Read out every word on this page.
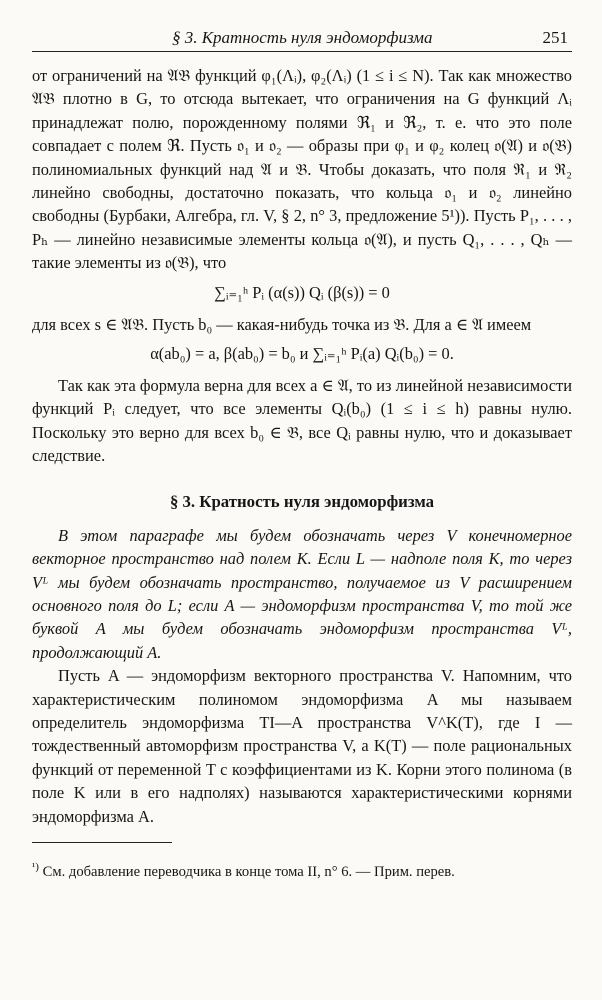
§ 3. Кратность нуля эндоморфизма	251

от ограничений на 𝔄𝔅 функций φ₁(Λᵢ), φ₂(Λᵢ) (1 ≤ i ≤ N). Так как множество 𝔄𝔅 плотно в G, то отсюда вытекает, что ограничения на G функций Λᵢ принадлежат полю, порожденному полями ℜ₁ и ℜ₂, т. е. что это поле совпадает с полем ℜ. Пусть 𝔬₁ и 𝔬₂ — образы при φ₁ и φ₂ колец 𝔬(𝔄) и 𝔬(𝔅) полиномиальных функций над 𝔄 и 𝔅. Чтобы доказать, что поля ℜ₁ и ℜ₂ линейно свободны, достаточно показать, что кольца 𝔬₁ и 𝔬₂ линейно свободны (Бурбаки, Алгебра, гл. V, § 2, n° 3, предложение 5¹)). Пусть P₁, . . . , Pₕ — линейно независимые элементы кольца 𝔬(𝔄), и пусть Q₁, . . . , Qₕ — такие элементы из 𝔬(𝔅), что

∑ᵢ₌₁ʰ Pᵢ (α(s)) Qᵢ (β(s)) = 0

для всех s ∈ 𝔄𝔅. Пусть b₀ — какая-нибудь точка из 𝔅. Для a ∈ 𝔄 имеем

α(ab₀) = a, β(ab₀) = b₀ и ∑ᵢ₌₁ʰ Pᵢ(a) Qᵢ(b₀) = 0.

Так как эта формула верна для всех a ∈ 𝔄, то из линейной независимости функций Pᵢ следует, что все элементы Qᵢ(b₀) (1 ≤ i ≤ h) равны нулю. Поскольку это верно для всех b₀ ∈ 𝔅, все Qᵢ равны нулю, что и доказывает следствие.

§ 3. Кратность нуля эндоморфизма

В этом параграфе мы будем обозначать через V конечномерное векторное пространство над полем K. Если L — надполе поля K, то через Vᴸ мы будем обозначать пространство, получаемое из V расширением основного поля до L; если A — эндоморфизм пространства V, то той же буквой A мы будем обозначать эндоморфизм пространства Vᴸ, продолжающий A.

Пусть A — эндоморфизм векторного пространства V. Напомним, что характеристическим полиномом эндоморфизма A мы называем определитель эндоморфизма TI—A пространства V^K(T), где I — тождественный автоморфизм пространства V, а K(T) — поле рациональных функций от переменной T с коэффициентами из K. Корни этого полинома (в поле K или в его надполях) называются характеристическими корнями эндоморфизма A.

$^{^1)}$ См. добавление переводчика в конце тома II, n° 6. — Прим. перев.
